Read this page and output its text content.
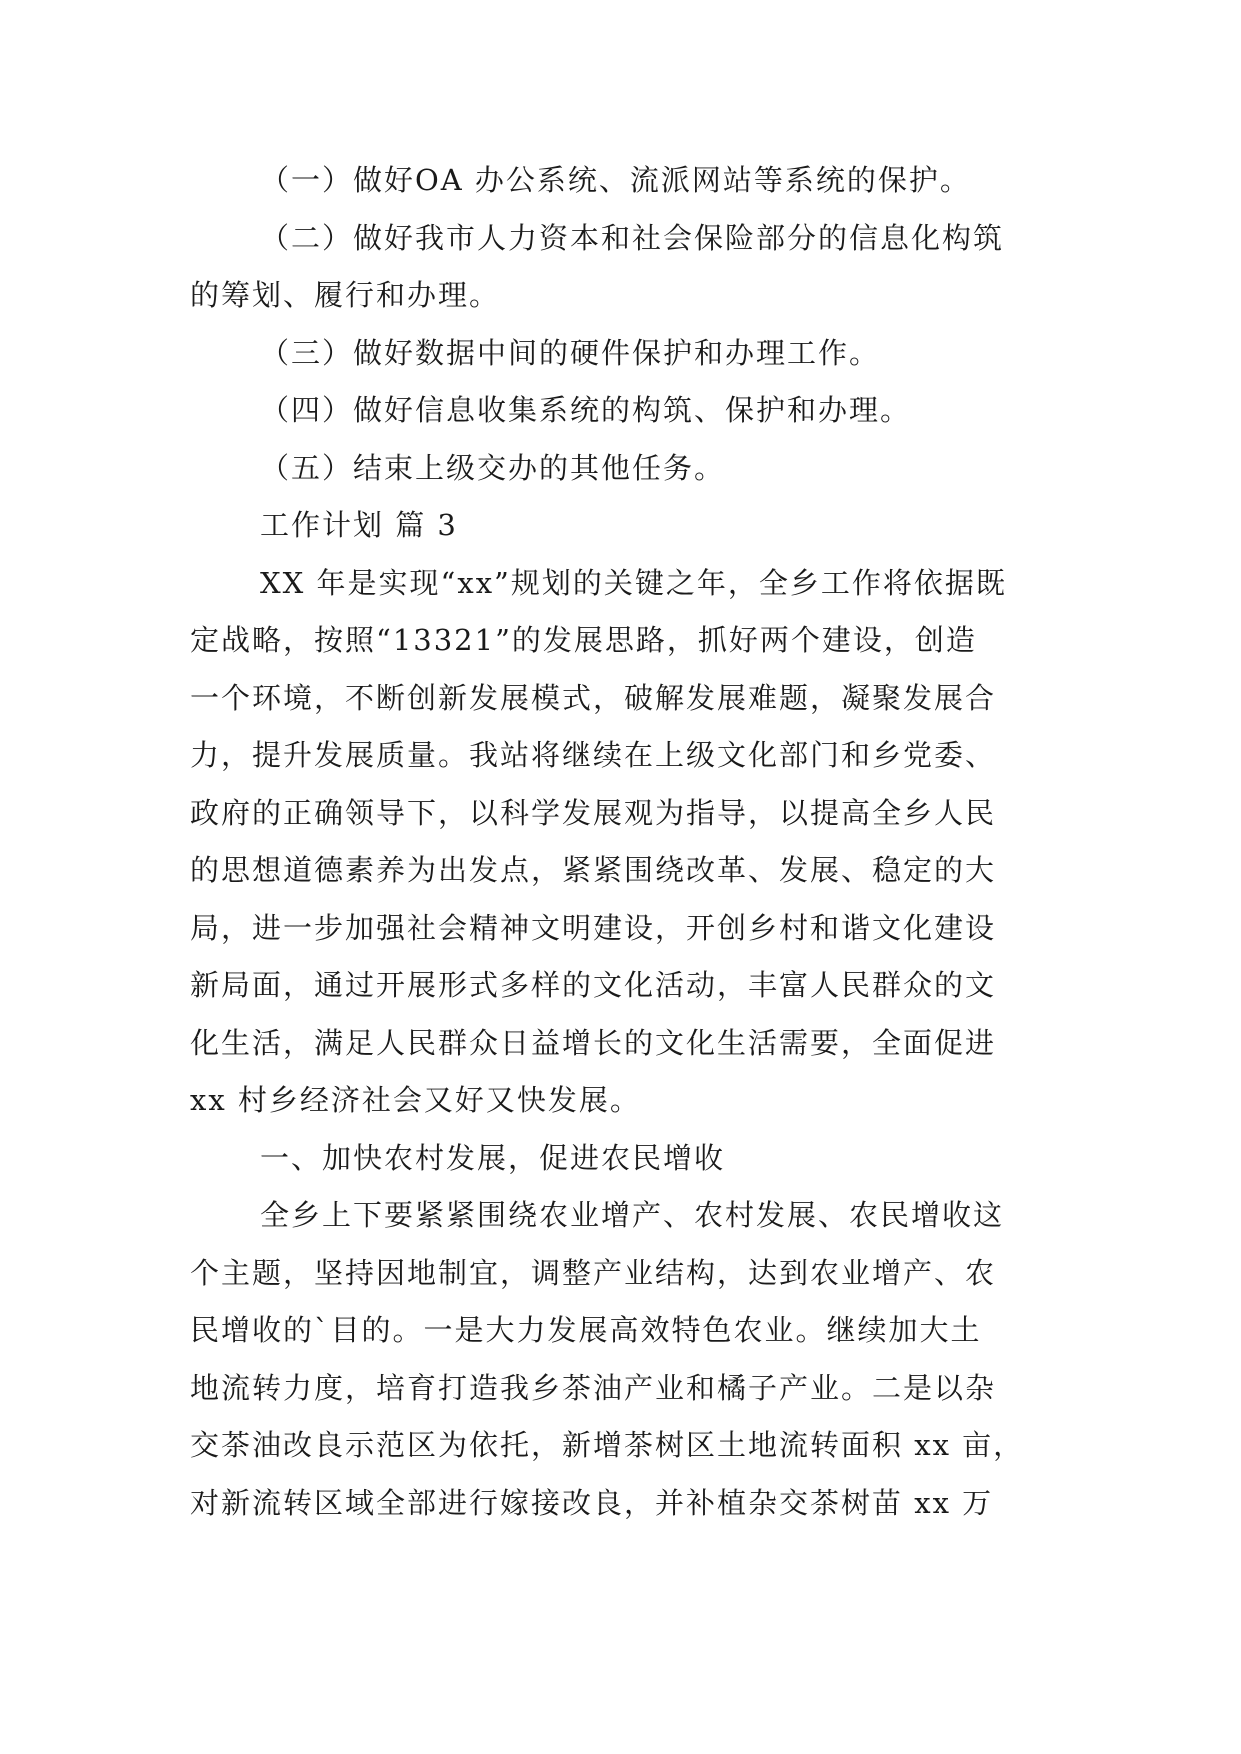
（一）做好OA 办公系统、流派网站等系统的保护。
（二）做好我市人力资本和社会保险部分的信息化构筑
的筹划、履行和办理。
（三）做好数据中间的硬件保护和办理工作。
（四）做好信息收集系统的构筑、保护和办理。
（五）结束上级交办的其他任务。
工作计划 篇 3
XX 年是实现“xx”规划的关键之年，全乡工作将依据既
定战略，按照“13321”的发展思路，抓好两个建设，创造
一个环境，不断创新发展模式，破解发展难题，凝聚发展合
力，提升发展质量。我站将继续在上级文化部门和乡党委、
政府的正确领导下，以科学发展观为指导，以提高全乡人民
的思想道德素养为出发点，紧紧围绕改革、发展、稳定的大
局，进一步加强社会精神文明建设，开创乡村和谐文化建设
新局面，通过开展形式多样的文化活动，丰富人民群众的文
化生活，满足人民群众日益增长的文化生活需要，全面促进
xx 村乡经济社会又好又快发展。
一、加快农村发展，促进农民增收
全乡上下要紧紧围绕农业增产、农村发展、农民增收这
个主题，坚持因地制宜，调整产业结构，达到农业增产、农
民增收的`目的。一是大力发展高效特色农业。继续加大土
地流转力度，培育打造我乡茶油产业和橘子产业。二是以杂
交茶油改良示范区为依托，新增茶树区土地流转面积 xx 亩，
对新流转区域全部进行嫁接改良，并补植杂交茶树苗 xx 万
